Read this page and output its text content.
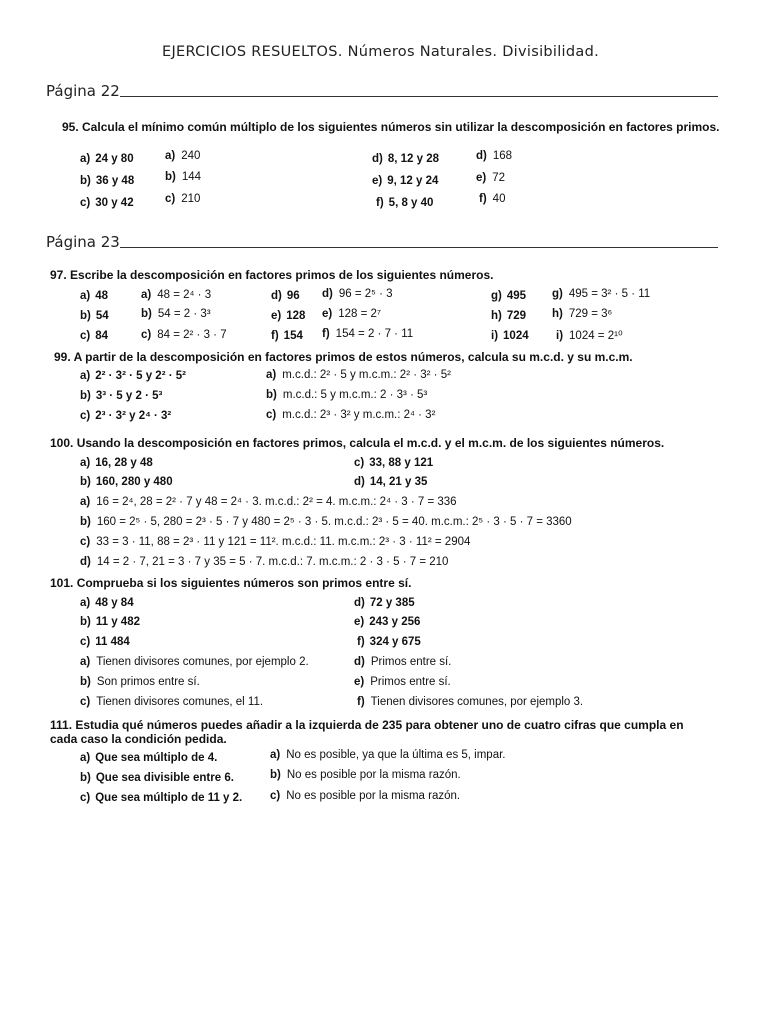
EJERCICIOS RESUELTOS. Números Naturales. Divisibilidad.
Página 22
95. Calcula el mínimo común múltiplo de los siguientes números sin utilizar la descomposición en factores primos.
a) 24 y 80	a) 240
b) 36 y 48	b) 144
c) 30 y 42	c) 210
d) 8, 12 y 28	d) 168
e) 9, 12 y 24	e) 72
f) 5, 8 y 40	f) 40
Página 23
97. Escribe la descomposición en factores primos de los siguientes números.
a) 48	a) 48 = 2⁴ · 3
b) 54	b) 54 = 2 · 3³
c) 84	c) 84 = 2² · 3 · 7
d) 96 d) 96 = 2⁵ · 3
e) 128 e) 128 = 2⁷
f) 154 f) 154 = 2 · 7 · 11
g) 495 g) 495 = 3² · 5 · 11
h) 729 h) 729 = 3⁶
i) 1024 i) 1024 = 2¹⁰
99. A partir de la descomposición en factores primos de estos números, calcula su m.c.d. y su m.c.m.
a) 2² · 3² · 5 y 2² · 5²	a) m.c.d.: 2² · 5 y m.c.m.: 2² · 3² · 5²
b) 3³ · 5 y 2 · 5³	b) m.c.d.: 5 y m.c.m.: 2 · 3³ · 5³
c) 2³ · 3² y 2⁴ · 3²	c) m.c.d.: 2³ · 3² y m.c.m.: 2⁴ · 3²
100. Usando la descomposición en factores primos, calcula el m.c.d. y el m.c.m. de los siguientes números.
a) 16, 28 y 48
b) 160, 280 y 480
c) 33, 88 y 121
d) 14, 21 y 35
a) 16 = 2⁴, 28 = 2² · 7 y 48 = 2⁴ · 3. m.c.d.: 2² = 4. m.c.m.: 2⁴ · 3 · 7 = 336
b) 160 = 2⁵ · 5, 280 = 2³ · 5 · 7 y 480 = 2⁵ · 3 · 5. m.c.d.: 2³ · 5 = 40. m.c.m.: 2⁵ · 3 · 5 · 7 = 3360
c) 33 = 3 · 11, 88 = 2³ · 11 y 121 = 11². m.c.d.: 11. m.c.m.: 2³ · 3 · 11² = 2904
d) 14 = 2 · 7, 21 = 3 · 7 y 35 = 5 · 7. m.c.d.: 7. m.c.m.: 2 · 3 · 5 · 7 = 210
101. Comprueba si los siguientes números son primos entre sí.
a) 48 y 84
b) 11 y 482
c) 11 484
d) 72 y 385
e) 243 y 256
f) 324 y 675
a) Tienen divisores comunes, por ejemplo 2.
b) Son primos entre sí.
c) Tienen divisores comunes, el 11.
d) Primos entre sí.
e) Primos entre sí.
f) Tienen divisores comunes, por ejemplo 3.
111. Estudia qué números puedes añadir a la izquierda de 235 para obtener uno de cuatro cifras que cumpla en cada caso la condición pedida.
a) Que sea múltiplo de 4.	a) No es posible, ya que la última es 5, impar.
b) Que sea divisible entre 6.	b) No es posible por la misma razón.
c) Que sea múltiplo de 11 y 2. c) No es posible por la misma razón.
